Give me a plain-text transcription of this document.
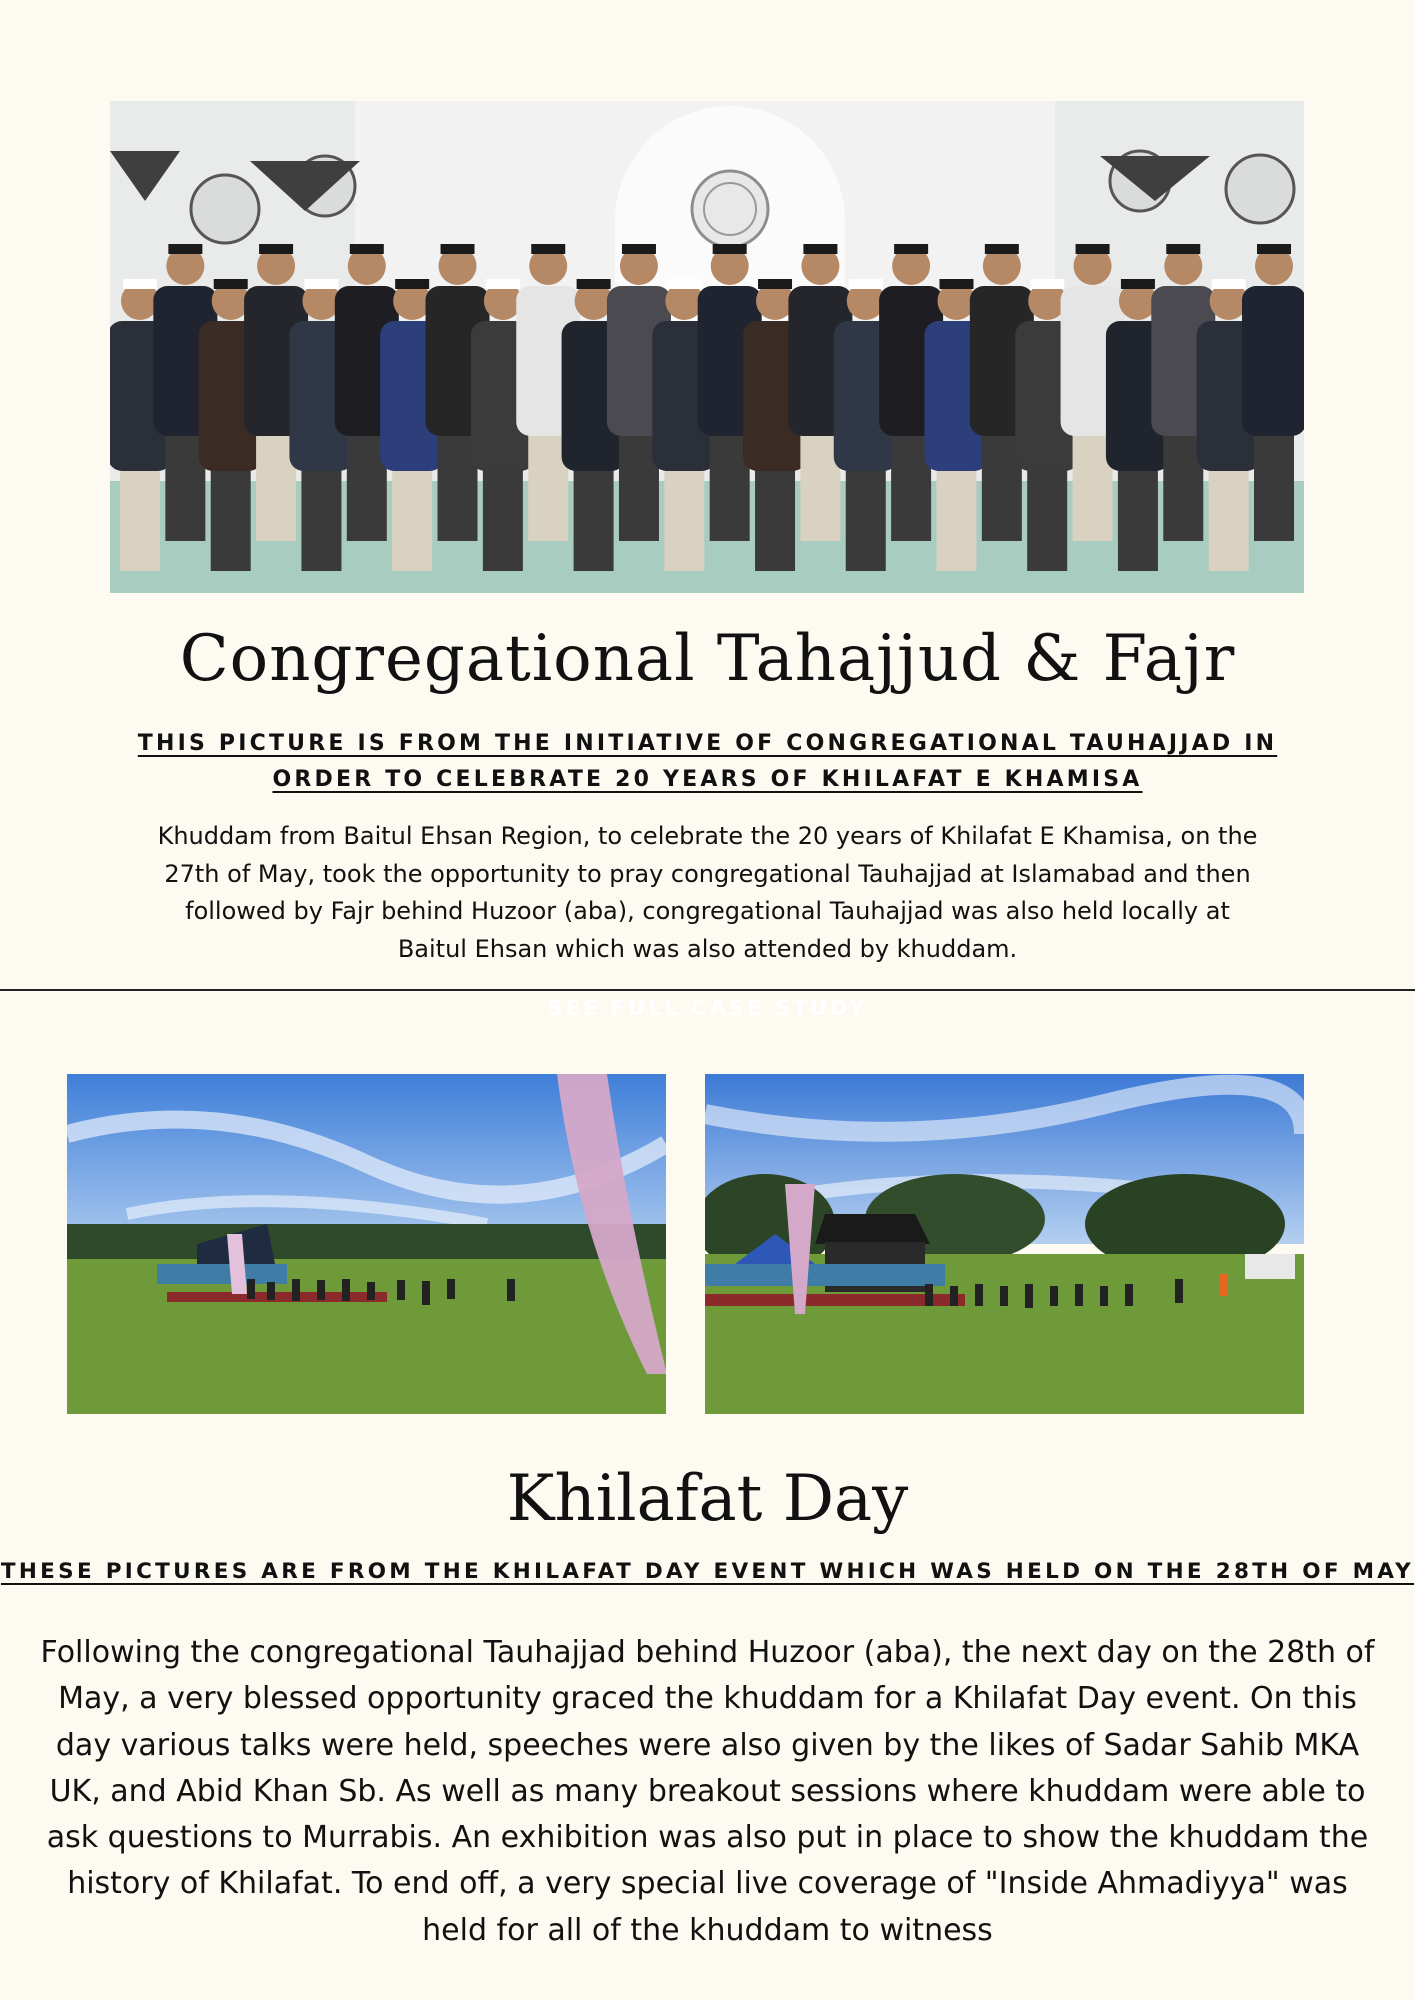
Congregational Tahajjud & Fajr
THIS PICTURE IS FROM THE INITIATIVE OF CONGREGATIONAL TAUHAJJAD IN ORDER TO CELEBRATE 20 YEARS OF KHILAFAT E KHAMISA

Khuddam from Baitul Ehsan Region, to celebrate the 20 years of Khilafat E Khamisa, on the 27th of May, took the opportunity to pray congregational Tauhajjad at Islamabad and then followed by Fajr behind Huzoor (aba), congregational Tauhajjad was also held locally at Baitul Ehsan which was also attended by khuddam.

SEE FULL CASE STUDY
Khilafat Day
THESE PICTURES ARE FROM THE KHILAFAT DAY EVENT WHICH WAS HELD ON THE 28TH OF MAY

Following the congregational Tauhajjad behind Huzoor (aba), the next day on the 28th of May, a very blessed opportunity graced the khuddam for a Khilafat Day event. On this day various talks were held, speeches were also given by the likes of Sadar Sahib MKA UK, and Abid Khan Sb. As well as many breakout sessions where khuddam were able to ask questions to Murrabis. An exhibition was also put in place to show the khuddam the history of Khilafat. To end off, a very special live coverage of "Inside Ahmadiyya" was held for all of the khuddam to witness
